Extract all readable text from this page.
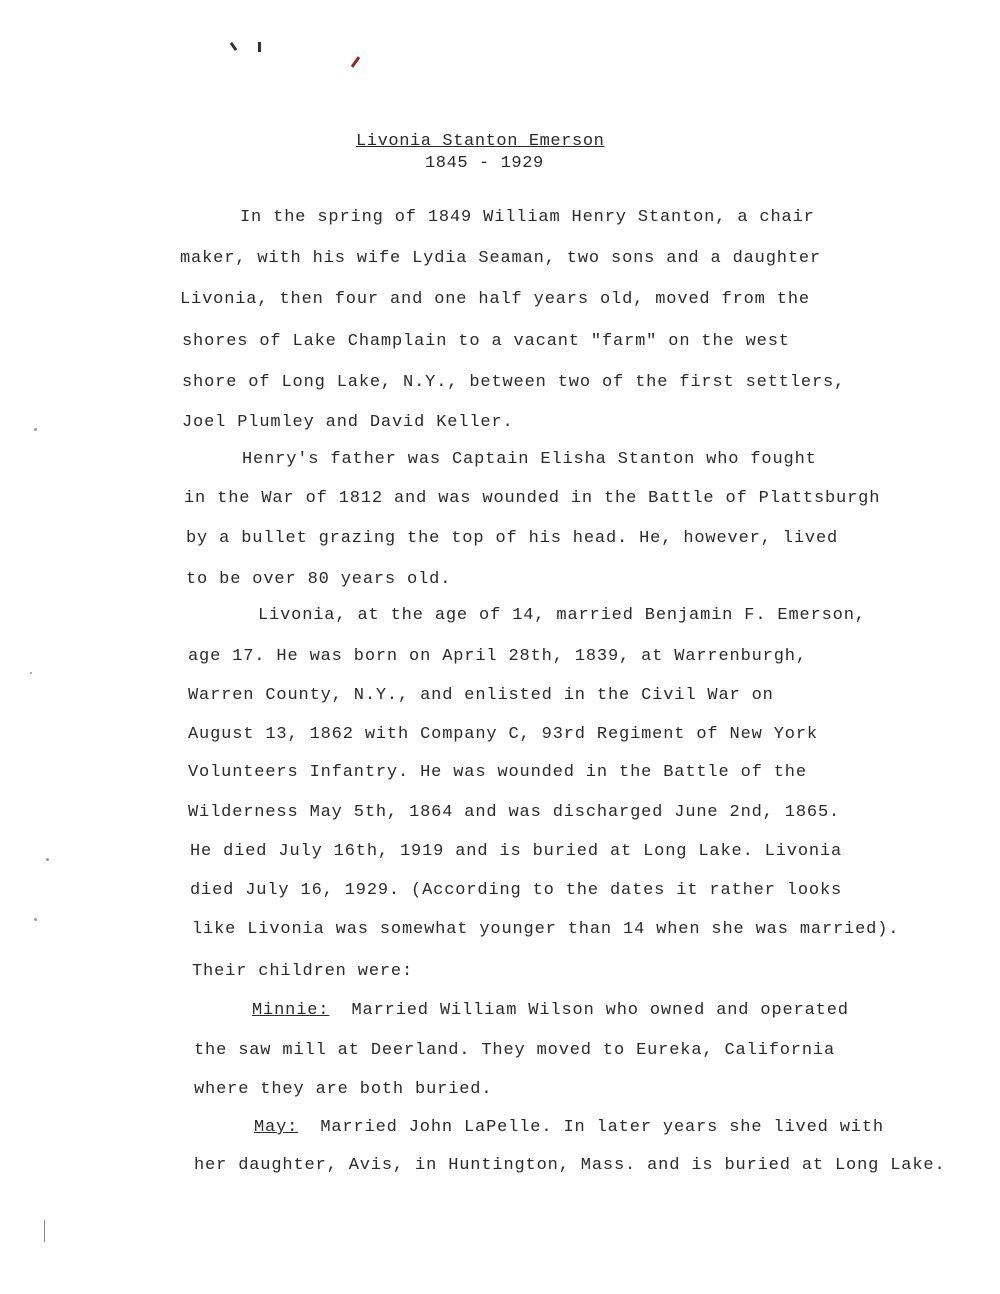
Livonia Stanton Emerson
1845 - 1929
In the spring of 1849 William Henry Stanton, a chair
maker, with his wife Lydia Seaman, two sons and a daughter
Livonia, then four and one half years old, moved from the
shores of Lake Champlain to a vacant "farm" on the west
shore of Long Lake, N.Y., between two of the first settlers,
Joel Plumley and David Keller.
Henry's father was Captain Elisha Stanton who fought
in the War of 1812 and was wounded in the Battle of Plattsburgh
by a bullet grazing the top of his head. He, however, lived
to be over 80 years old.
Livonia, at the age of 14, married Benjamin F. Emerson,
age 17. He was born on April 28th, 1839, at Warrenburgh,
Warren County, N.Y., and enlisted in the Civil War on
August 13, 1862 with Company C, 93rd Regiment of New York
Volunteers Infantry. He was wounded in the Battle of the
Wilderness May 5th, 1864 and was discharged June 2nd, 1865.
He died July 16th, 1919 and is buried at Long Lake. Livonia
died July 16, 1929. (According to the dates it rather looks
like Livonia was somewhat younger than 14 when she was married).
Their children were:
Minnie: Married William Wilson who owned and operated
the saw mill at Deerland. They moved to Eureka, California
where they are both buried.
May: Married John LaPelle. In later years she lived with
her daughter, Avis, in Huntington, Mass. and is buried at Long Lake.
